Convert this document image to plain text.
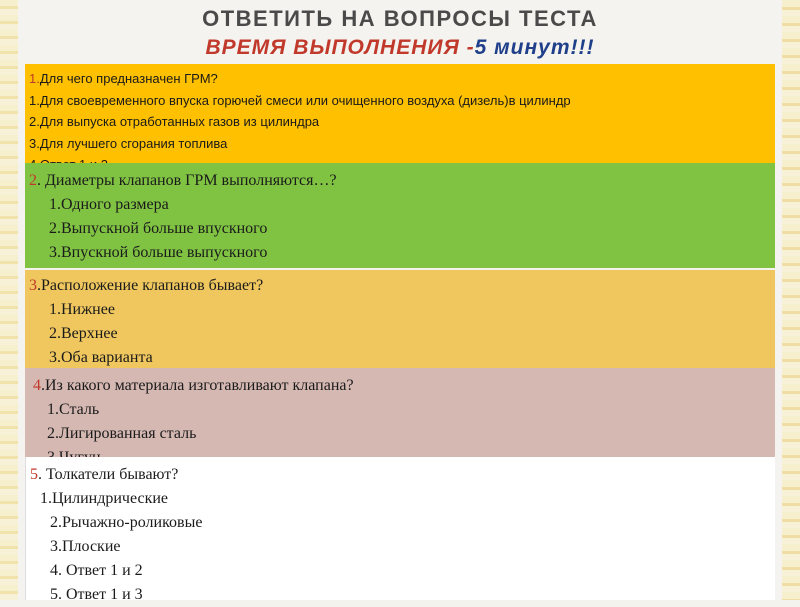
ОТВЕТИТЬ НА ВОПРОСЫ ТЕСТА
ВРЕМЯ ВЫПОЛНЕНИЯ -5 минут!!!
1.Для чего предназначен ГРМ?
1.Для своевременного впуска горючей смеси или очищенного воздуха (дизель)в цилиндр
2.Для выпуска отработанных газов из цилиндра
3.Для лучшего сгорания топлива
2. Диаметры клапанов ГРМ выполняются…?
1.Одного размера
2.Выпускной больше впускного
3.Впускной больше выпускного
3.Расположение клапанов бывает?
1.Нижнее
2.Верхнее
3.Оба варианта
4.Из какого материала изготавливают клапана?
1.Сталь
2.Лигированная сталь
5. Толкатели бывают?
1.Цилиндрические
2.Рычажно-роликовые
3.Плоские
4. Ответ 1 и 2
5. Ответ 1 и 3
